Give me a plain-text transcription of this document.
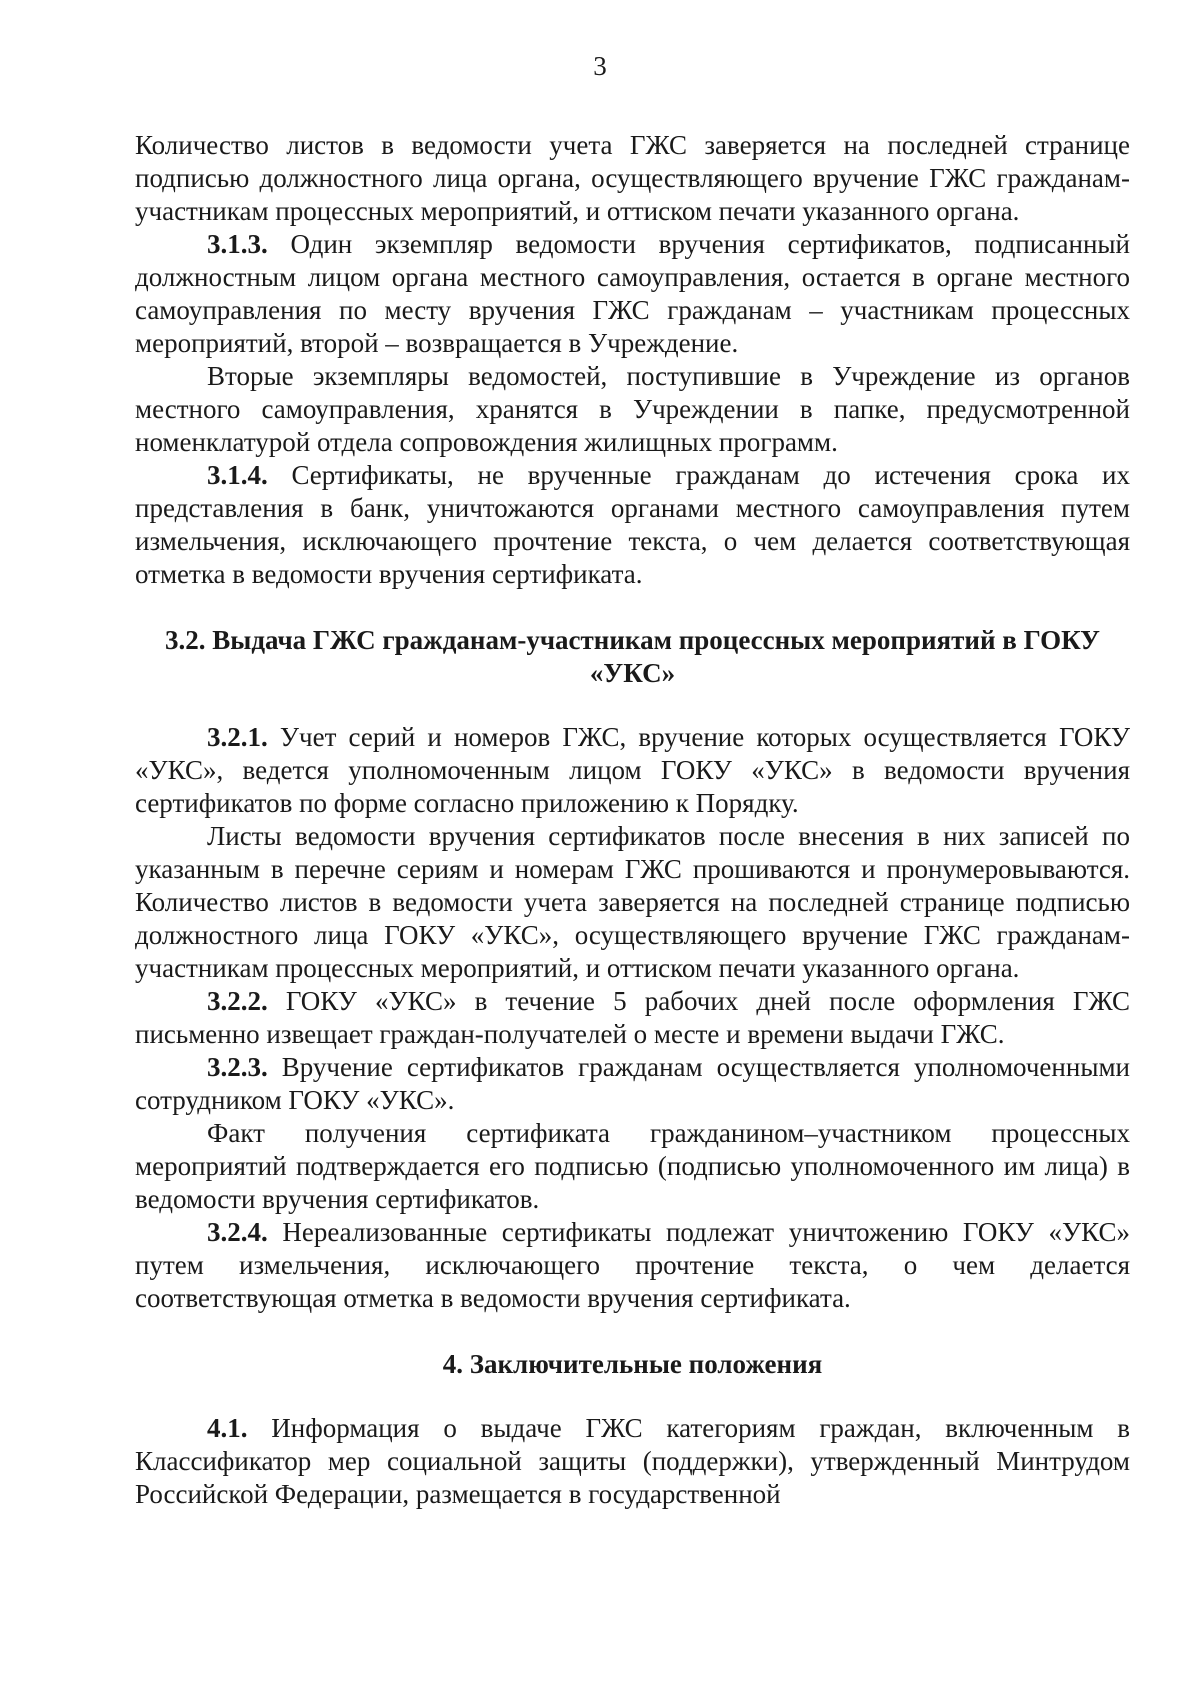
3

Количество листов в ведомости учета ГЖС заверяется на последней странице подписью должностного лица органа, осуществляющего вручение ГЖС гражданам-участникам процессных мероприятий, и оттиском печати указанного органа.

3.1.3. Один экземпляр ведомости вручения сертификатов, подписанный должностным лицом органа местного самоуправления, остается в органе местного самоуправления по месту вручения ГЖС гражданам – участникам процессных мероприятий, второй – возвращается в Учреждение.

Вторые экземпляры ведомостей, поступившие в Учреждение из органов местного самоуправления, хранятся в Учреждении в папке, предусмотренной номенклатурой отдела сопровождения жилищных программ.

3.1.4. Сертификаты, не врученные гражданам до истечения срока их представления в банк, уничтожаются органами местного самоуправления путем измельчения, исключающего прочтение текста, о чем делается соответствующая отметка в ведомости вручения сертификата.

3.2. Выдача ГЖС гражданам-участникам процессных мероприятий в ГОКУ «УКС»

3.2.1. Учет серий и номеров ГЖС, вручение которых осуществляется ГОКУ «УКС», ведется уполномоченным лицом ГОКУ «УКС» в ведомости вручения сертификатов по форме согласно приложению к Порядку.

Листы ведомости вручения сертификатов после внесения в них записей по указанным в перечне сериям и номерам ГЖС прошиваются и пронумеровываются. Количество листов в ведомости учета заверяется на последней странице подписью должностного лица ГОКУ «УКС», осуществляющего вручение ГЖС гражданам-участникам процессных мероприятий, и оттиском печати указанного органа.

3.2.2. ГОКУ «УКС» в течение 5 рабочих дней после оформления ГЖС письменно извещает граждан-получателей о месте и времени выдачи ГЖС.

3.2.3. Вручение сертификатов гражданам осуществляется уполномоченными сотрудником ГОКУ «УКС».

Факт получения сертификата гражданином–участником процессных мероприятий подтверждается его подписью (подписью уполномоченного им лица) в ведомости вручения сертификатов.

3.2.4. Нереализованные сертификаты подлежат уничтожению ГОКУ «УКС» путем измельчения, исключающего прочтение текста, о чем делается соответствующая отметка в ведомости вручения сертификата.

4. Заключительные положения

4.1. Информация о выдаче ГЖС категориям граждан, включенным в Классификатор мер социальной защиты (поддержки), утвержденный Минтрудом Российской Федерации, размещается в государственной
